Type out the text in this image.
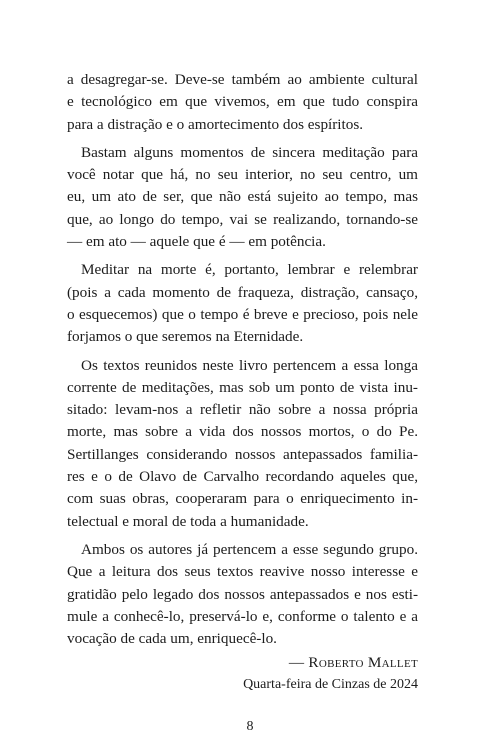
a desagregar-se. Deve-se também ao ambiente cultural
e tecnológico em que vivemos, em que tudo conspira
para a distração e o amortecimento dos espíritos.

Bastam alguns momentos de sincera meditação para
você notar que há, no seu interior, no seu centro, um
eu, um ato de ser, que não está sujeito ao tempo, mas
que, ao longo do tempo, vai se realizando, tornando-se
— em ato — aquele que é — em potência.

Meditar na morte é, portanto, lembrar e relembrar
(pois a cada momento de fraqueza, distração, cansaço,
o esquecemos) que o tempo é breve e precioso, pois nele
forjamos o que seremos na Eternidade.

Os textos reunidos neste livro pertencem a essa longa
corrente de meditações, mas sob um ponto de vista inu-
sitado: levam-nos a refletir não sobre a nossa própria
morte, mas sobre a vida dos nossos mortos, o do Pe.
Sertillanges considerando nossos antepassados familia-
res e o de Olavo de Carvalho recordando aqueles que,
com suas obras, cooperaram para o enriquecimento in-
telectual e moral de toda a humanidade.

Ambos os autores já pertencem a esse segundo grupo.
Que a leitura dos seus textos reavive nosso interesse e
gratidão pelo legado dos nossos antepassados e nos esti-
mule a conhecê-lo, preservá-lo e, conforme o talento e a
vocação de cada um, enriquecê-lo.

— Roberto Mallet
Quarta-feira de Cinzas de 2024
8
